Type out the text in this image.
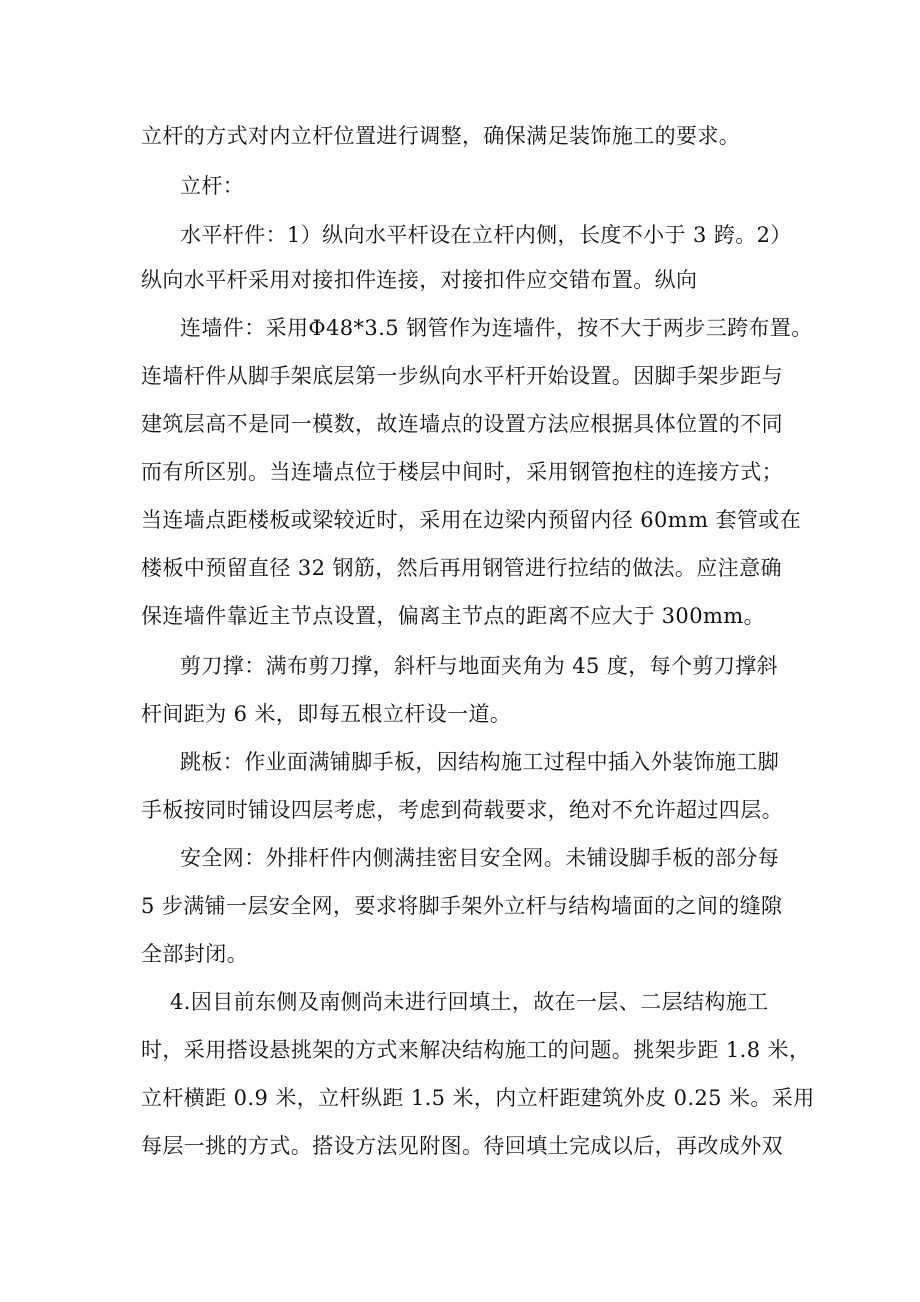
立杆的方式对内立杆位置进行调整，确保满足装饰施工的要求。
立杆：
水平杆件：1）纵向水平杆设在立杆内侧，长度不小于 3 跨。2）
纵向水平杆采用对接扣件连接，对接扣件应交错布置。纵向
连墙件：采用Φ48*3.5 钢管作为连墙件，按不大于两步三跨布置。
连墙杆件从脚手架底层第一步纵向水平杆开始设置。因脚手架步距与
建筑层高不是同一模数，故连墙点的设置方法应根据具体位置的不同
而有所区别。当连墙点位于楼层中间时，采用钢管抱柱的连接方式；
当连墙点距楼板或梁较近时，采用在边梁内预留内径 60mm 套管或在
楼板中预留直径 32 钢筋，然后再用钢管进行拉结的做法。应注意确
保连墙件靠近主节点设置，偏离主节点的距离不应大于 300mm。
剪刀撑：满布剪刀撑，斜杆与地面夹角为 45 度，每个剪刀撑斜
杆间距为 6 米，即每五根立杆设一道。
跳板：作业面满铺脚手板，因结构施工过程中插入外装饰施工脚
手板按同时铺设四层考虑，考虑到荷载要求，绝对不允许超过四层。
安全网：外排杆件内侧满挂密目安全网。未铺设脚手板的部分每
5 步满铺一层安全网，要求将脚手架外立杆与结构墙面的之间的缝隙
全部封闭。
4.因目前东侧及南侧尚未进行回填土，故在一层、二层结构施工
时，采用搭设悬挑架的方式来解决结构施工的问题。挑架步距 1.8 米，
立杆横距 0.9 米，立杆纵距 1.5 米，内立杆距建筑外皮 0.25 米。采用
每层一挑的方式。搭设方法见附图。待回填土完成以后，再改成外双
